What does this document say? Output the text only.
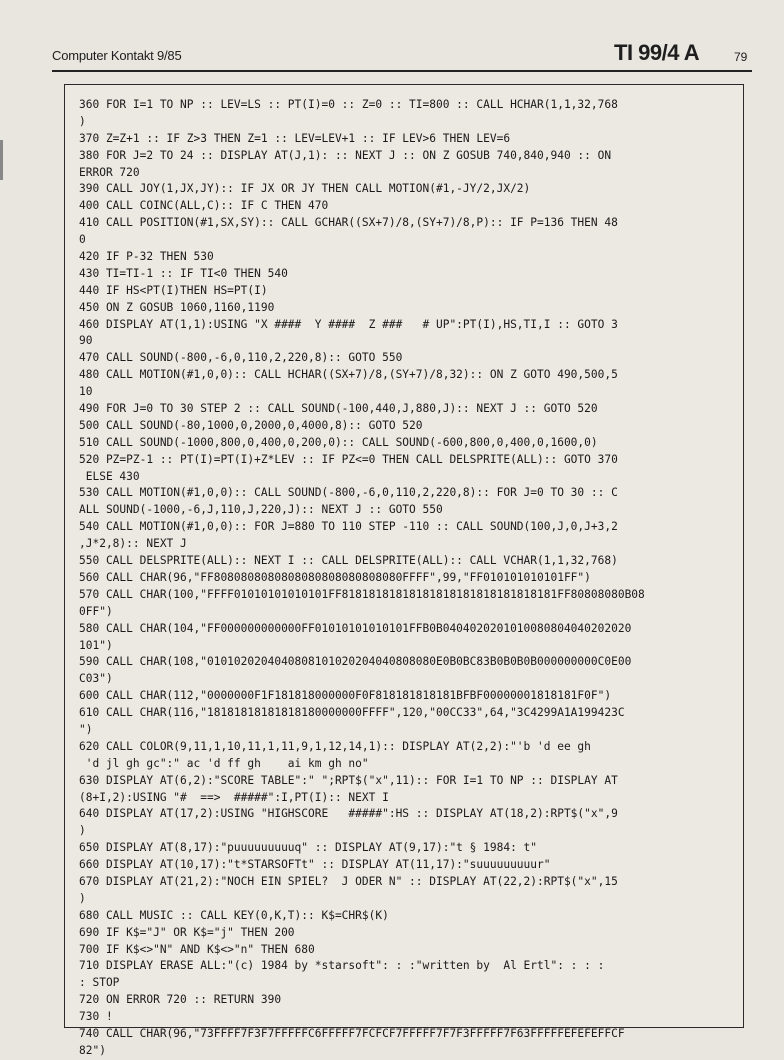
Computer Kontakt 9/85	TI 99/4 A	79
360 FOR I=1 TO NP :: LEV=LS :: PT(I)=0 :: Z=0 :: TI=800 :: CALL HCHAR(1,1,32,768
)
370 Z=Z+1 :: IF Z>3 THEN Z=1 :: LEV=LEV+1 :: IF LEV>6 THEN LEV=6
380 FOR J=2 TO 24 :: DISPLAY AT(J,1): :: NEXT J :: ON Z GOSUB 740,840,940 :: ON
ERROR 720
390 CALL JOY(1,JX,JY):: IF JX OR JY THEN CALL MOTION(#1,-JY/2,JX/2)
400 CALL COINC(ALL,C):: IF C THEN 470
410 CALL POSITION(#1,SX,SY):: CALL GCHAR((SX+7)/8,(SY+7)/8,P):: IF P=136 THEN 48
0
420 IF P-32 THEN 530
430 TI=TI-1 :: IF TI<0 THEN 540
440 IF HS<PT(I)THEN HS=PT(I)
450 ON Z GOSUB 1060,1160,1190
460 DISPLAY AT(1,1):USING "X ####  Y ####  Z ###   # UP":PT(I),HS,TI,I :: GOTO 3
90
470 CALL SOUND(-800,-6,0,110,2,220,8):: GOTO 550
480 CALL MOTION(#1,0,0):: CALL HCHAR((SX+7)/8,(SY+7)/8,32):: ON Z GOTO 490,500,5
10
490 FOR J=0 TO 30 STEP 2 :: CALL SOUND(-100,440,J,880,J):: NEXT J :: GOTO 520
500 CALL SOUND(-80,1000,0,2000,0,4000,8):: GOTO 520
510 CALL SOUND(-1000,800,0,400,0,200,0):: CALL SOUND(-600,800,0,400,0,1600,0)
520 PZ=PZ-1 :: PT(I)=PT(I)+Z*LEV :: IF PZ<=0 THEN CALL DELSPRITE(ALL):: GOTO 370
ELSE 430
530 CALL MOTION(#1,0,0):: CALL SOUND(-800,-6,0,110,2,220,8):: FOR J=0 TO 30 :: C
ALL SOUND(-1000,-6,J,110,J,220,J):: NEXT J :: GOTO 550
540 CALL MOTION(#1,0,0):: FOR J=880 TO 110 STEP -110 :: CALL SOUND(100,J,0,J+3,2
,J*2,8):: NEXT J
550 CALL DELSPRITE(ALL):: NEXT I :: CALL DELSPRITE(ALL):: CALL VCHAR(1,1,32,768)
560 CALL CHAR(96,"FF8080808080808080808080808080FFFF",99,"FF010101010101FF")
570 CALL CHAR(100,"FFFF01010101010101FF81818181818181818181818181818181FF80808080B08
0FF")
580 CALL CHAR(104,"FF000000000000FF01010101010101FFB0B0404020201010080804040202020
101")
590 CALL CHAR(108,"0101020204040808101020204040808080E0B0BC83B0B0B0B000000000C0E00
C03")
600 CALL CHAR(112,"0000000F1F181818000000F0F818181818181BFBF00000001818181F0F")
610 CALL CHAR(116,"18181818181818180000000FFFF",120,"00CC33",64,"3C4299A1A199423C
")
620 CALL COLOR(9,11,1,10,11,1,11,9,1,12,14,1):: DISPLAY AT(2,2):"'b 'd ee gh
'd jl gh gc":" ac 'd ff gh    ai km gh no"
630 DISPLAY AT(6,2):"SCORE TABLE":" ";RPT$("x",11):: FOR I=1 TO NP :: DISPLAY AT
(8+I,2):USING "#  ==>  #####":I,PT(I):: NEXT I
640 DISPLAY AT(17,2):USING "HIGHSCORE   #####":HS :: DISPLAY AT(18,2):RPT$("x",9
)
650 DISPLAY AT(8,17):"puuuuuuuuuq" :: DISPLAY AT(9,17):"t § 1984: t"
660 DISPLAY AT(10,17):"t*STARSOFTt" :: DISPLAY AT(11,17):"suuuuuuuuur"
670 DISPLAY AT(21,2):"NOCH EIN SPIEL?  J ODER N" :: DISPLAY AT(22,2):RPT$("x",15
)
680 CALL MUSIC :: CALL KEY(0,K,T):: K$=CHR$(K)
690 IF K$="J" OR K$="j" THEN 200
700 IF K$<>"N" AND K$<>"n" THEN 680
710 DISPLAY ERASE ALL:"(c) 1984 by *starsoft": : :"written by  Al Ertl": : : :
: STOP
720 ON ERROR 720 :: RETURN 390
730 !
740 CALL CHAR(96,"73FFFF7F3F7FFFFFC6FFFFF7FCFCF7FFFFF7F7F3FFFFF7F63FFFFFEFEFEFFCF
82")
